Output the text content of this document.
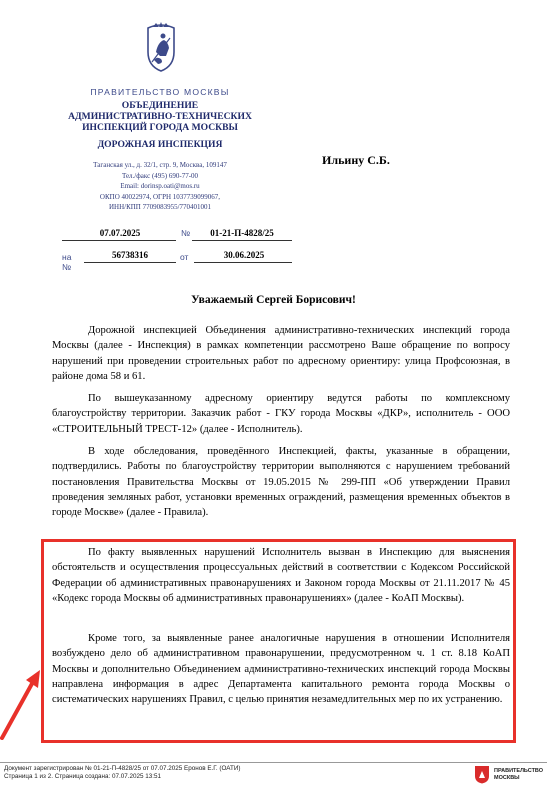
ПРАВИТЕЛЬСТВО МОСКВЫ
ОБЪЕДИНЕНИЕ
АДМИНИСТРАТИВНО-ТЕХНИЧЕСКИХ
ИНСПЕКЦИЙ ГОРОДА МОСКВЫ
ДОРОЖНАЯ ИНСПЕКЦИЯ
Таганская ул., д. 32/1, стр. 9, Москва, 109147
Тел./факс (495) 690-77-00
Email: dorinsp.oati@mos.ru
ОКПО 40022974, ОГРН 1037739099067,
ИНН/КПП 7709083955/770401001
Ильину С.Б.
07.07.2025	№	01-21-П-4828/25
на №
56738316	от	30.06.2025
Уважаемый Сергей Борисович!

Дорожной инспекцией Объединения административно-технических инспекций города Москвы (далее - Инспекция) в рамках компетенции рассмотрено Ваше обращение по вопросу нарушений при проведении строительных работ по адресному ориентиру: улица Профсоюзная, в районе дома 58 и 61.

По вышеуказанному адресному ориентиру ведутся работы по комплексному благоустройству территории. Заказчик работ - ГКУ города Москвы «ДКР», исполнитель - ООО «СТРОИТЕЛЬНЫЙ ТРЕСТ-12» (далее - Исполнитель).

В ходе обследования, проведённого Инспекцией, факты, указанные в обращении, подтвердились. Работы по благоустройству территории выполняются с нарушением требований постановления Правительства Москвы от 19.05.2015 № 299-ПП «Об утверждении Правил проведения земляных работ, установки временных ограждений, размещения временных объектов в городе Москве» (далее - Правила).

По факту выявленных нарушений Исполнитель вызван в Инспекцию для выяснения обстоятельств и осуществления процессуальных действий в соответствии с Кодексом Российской Федерации об административных правонарушениях и Законом города Москвы от 21.11.2017 № 45 «Кодекс города Москвы об административных правонарушениях» (далее - КоАП Москвы).

Кроме того, за выявленные ранее аналогичные нарушения в отношении Исполнителя возбуждено дело об административном правонарушении, предусмотренном ч. 1 ст. 8.18 КоАП Москвы и дополнительно Объединением административно-технических инспекций города Москвы направлена информация в адрес Департамента капитального ремонта города Москвы о систематических нарушениях Правил, с целью принятия незамедлительных мер по их устранению.

Документ зарегистрирован № 01-21-П-4828/25 от 07.07.2025 Еронов Е.Г. (ОАТИ)
Страница 1 из 2. Страница создана: 07.07.2025 13:51
ПРАВИТЕЛЬСТВО
МОСКВЫ
